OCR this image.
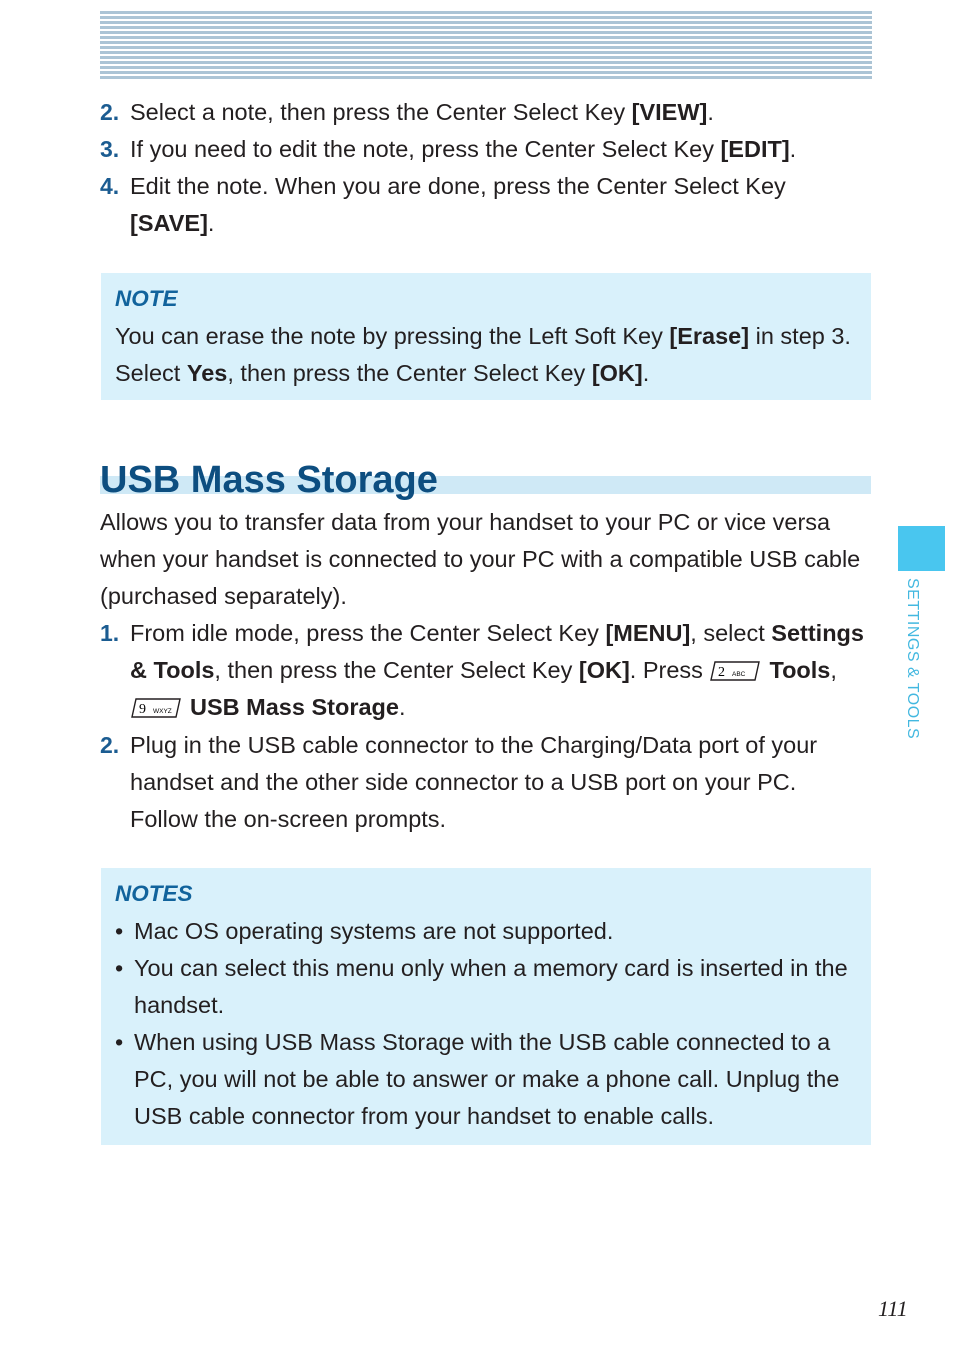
2. Select a note, then press the Center Select Key [VIEW].
3. If you need to edit the note, press the Center Select Key [EDIT].
4. Edit the note. When you are done, press the Center Select Key [SAVE].
NOTE
You can erase the note by pressing the Left Soft Key [Erase] in step 3. Select Yes, then press the Center Select Key [OK].
USB Mass Storage

Allows you to transfer data from your handset to your PC or vice versa when your handset is connected to your PC with a compatible USB cable (purchased separately).

1. From idle mode, press the Center Select Key [MENU], select Settings & Tools, then press the Center Select Key [OK]. Press 2 ABC Tools,
9 WXYZ USB Mass Storage.
2. Plug in the USB cable connector to the Charging/Data port of your handset and the other side connector to a USB port on your PC. Follow the on-screen prompts.
NOTES
• Mac OS operating systems are not supported.
• You can select this menu only when a memory card is inserted in the handset.
• When using USB Mass Storage with the USB cable connected to a PC, you will not be able to answer or make a phone call. Unplug the USB cable connector from your handset to enable calls.
SETTINGS & TOOLS
111
